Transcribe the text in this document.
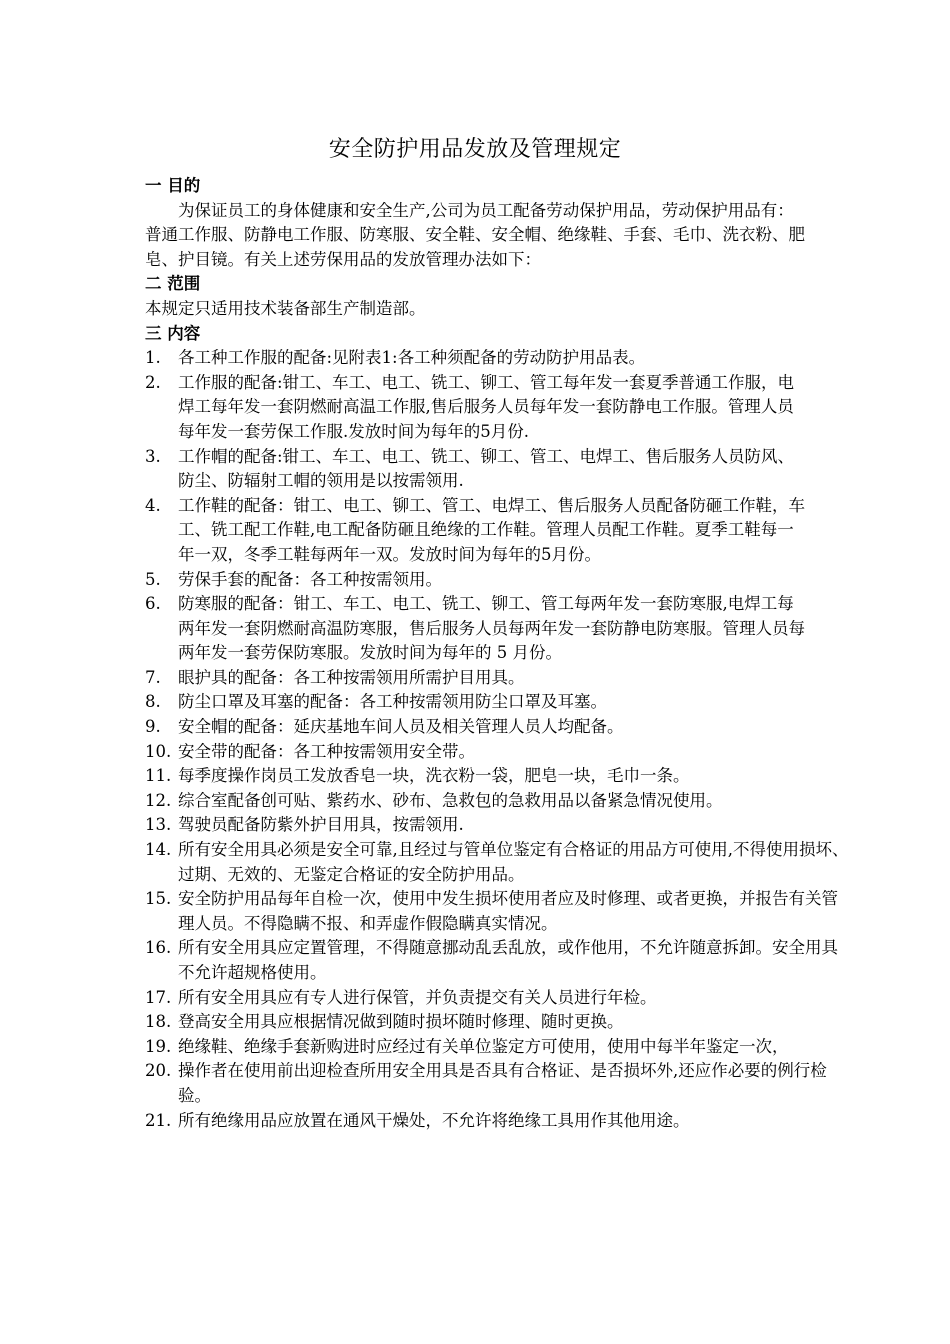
安全防护用品发放及管理规定

一 目的

为保证员工的身体健康和安全生产,公司为员工配备劳动保护用品，劳动保护用品有：普通工作服、防静电工作服、防寒服、安全鞋、安全帽、绝缘鞋、手套、毛巾、洗衣粉、肥皂、护目镜。有关上述劳保用品的发放管理办法如下：

二 范围

本规定只适用技术装备部生产制造部。

三 内容

1. 各工种工作服的配备:见附表1:各工种须配备的劳动防护用品表。
2. 工作服的配备:钳工、车工、电工、铣工、铆工、管工每年发一套夏季普通工作服，电焊工每年发一套阴燃耐高温工作服,售后服务人员每年发一套防静电工作服。管理人员每年发一套劳保工作服.发放时间为每年的5月份.
3. 工作帽的配备:钳工、车工、电工、铣工、铆工、管工、电焊工、售后服务人员防风、防尘、防辐射工帽的领用是以按需领用.
4. 工作鞋的配备：钳工、电工、铆工、管工、电焊工、售后服务人员配备防砸工作鞋，车工、铣工配工作鞋,电工配备防砸且绝缘的工作鞋。管理人员配工作鞋。夏季工鞋每一年一双，冬季工鞋每两年一双。发放时间为每年的5月份。
5. 劳保手套的配备：各工种按需领用。
6. 防寒服的配备：钳工、车工、电工、铣工、铆工、管工每两年发一套防寒服,电焊工每两年发一套阴燃耐高温防寒服，售后服务人员每两年发一套防静电防寒服。管理人员每两年发一套劳保防寒服。发放时间为每年的 5 月份。
7. 眼护具的配备：各工种按需领用所需护目用具。
8. 防尘口罩及耳塞的配备：各工种按需领用防尘口罩及耳塞。
9. 安全帽的配备：延庆基地车间人员及相关管理人员人均配备。
10. 安全带的配备：各工种按需领用安全带。
11. 每季度操作岗员工发放香皂一块，洗衣粉一袋，肥皂一块，毛巾一条。
12. 综合室配备创可贴、紫药水、砂布、急救包的急救用品以备紧急情况使用。
13. 驾驶员配备防紫外护目用具，按需领用.
14. 所有安全用具必须是安全可靠,且经过与管单位鉴定有合格证的用品方可使用,不得使用损坏、过期、无效的、无鉴定合格证的安全防护用品。
15. 安全防护用品每年自检一次，使用中发生损坏使用者应及时修理、或者更换，并报告有关管理人员。不得隐瞒不报、和弄虚作假隐瞒真实情况。
16. 所有安全用具应定置管理，不得随意挪动乱丢乱放，或作他用，不允许随意拆卸。安全用具不允许超规格使用。
17. 所有安全用具应有专人进行保管，并负责提交有关人员进行年检。
18. 登高安全用具应根据情况做到随时损坏随时修理、随时更换。
19. 绝缘鞋、绝缘手套新购进时应经过有关单位鉴定方可使用，使用中每半年鉴定一次，
20. 操作者在使用前出迎检查所用安全用具是否具有合格证、是否损坏外,还应作必要的例行检验。
21. 所有绝缘用品应放置在通风干燥处，不允许将绝缘工具用作其他用途。
